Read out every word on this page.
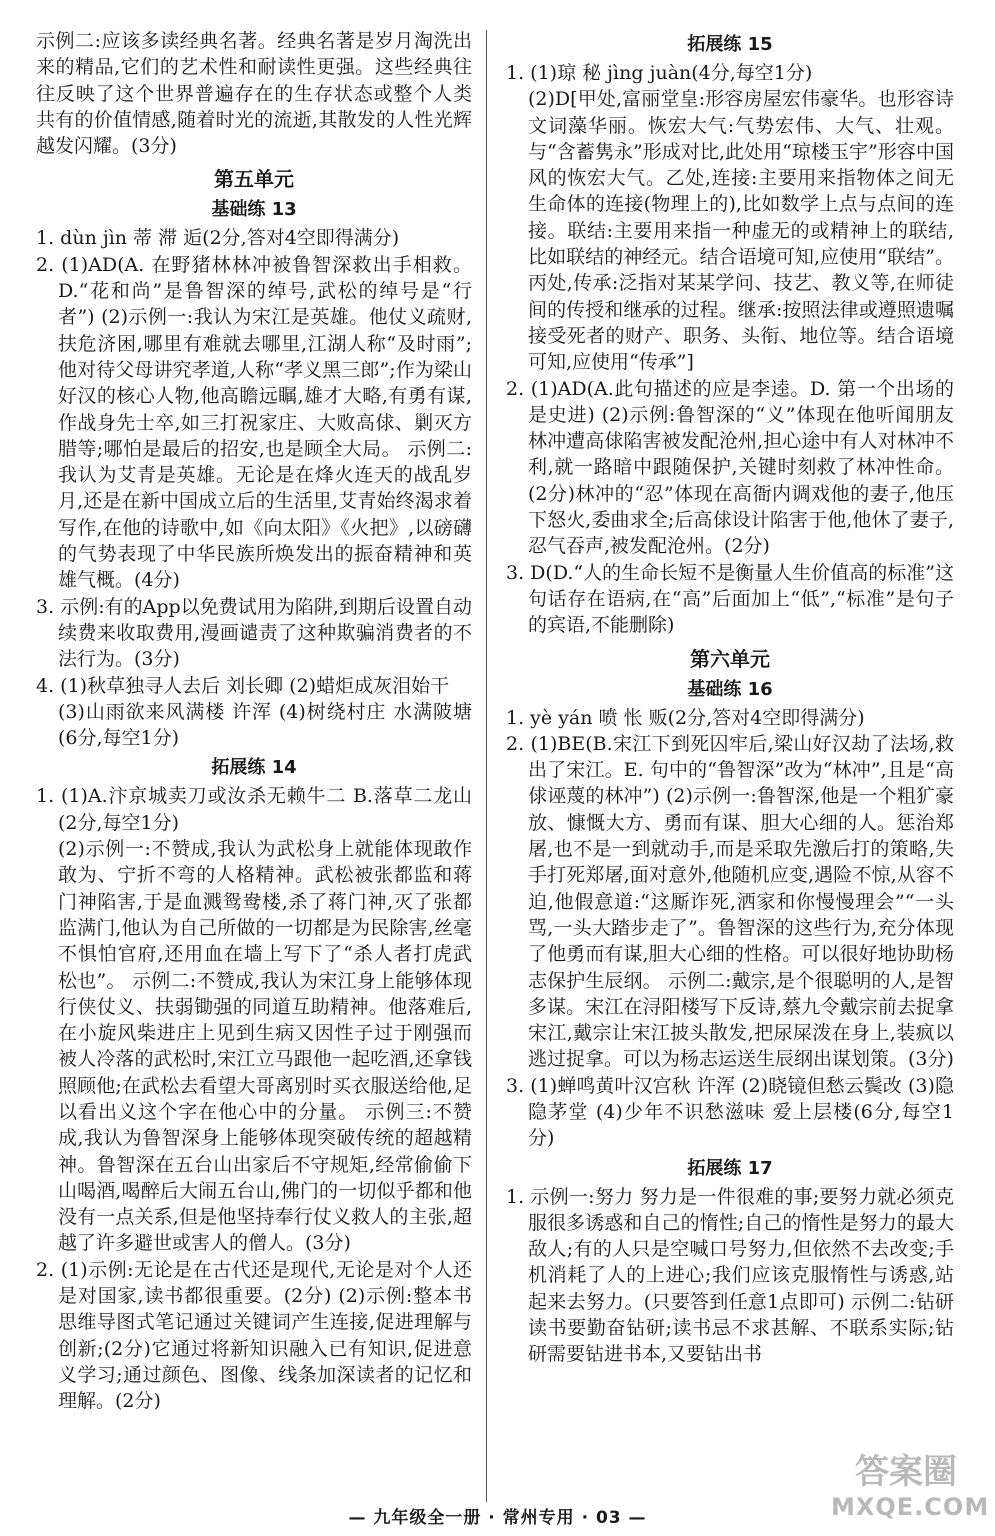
示例二:应该多读经典名著。经典名著是岁月淘洗出来的精品,它们的艺术性和耐读性更强。这些经典往往反映了这个世界普遍存在的生存状态或整个人类共有的价值情感,随着时光的流逝,其散发的人性光辉越发闪耀。(3分)

第五单元
基础练 13

1. dùn jìn 蒂 滞 逅(2分,答对4空即得满分)

2. (1)AD(A. 在野猪林林冲被鲁智深救出手相救。D.“花和尚”是鲁智深的绰号,武松的绰号是“行者”) (2)示例一:我认为宋江是英雄。他仗义疏财,扶危济困,哪里有难就去哪里,江湖人称“及时雨”;他对待父母讲究孝道,人称“孝义黑三郎”;作为梁山好汉的核心人物,他高瞻远瞩,雄才大略,有勇有谋,作战身先士卒,如三打祝家庄、大败高俅、剿灭方腊等;哪怕是最后的招安,也是顾全大局。 示例二:我认为艾青是英雄。无论是在烽火连天的战乱岁月,还是在新中国成立后的生活里,艾青始终渴求着写作,在他的诗歌中,如《向太阳》《火把》,以磅礴的气势表现了中华民族所焕发出的振奋精神和英雄气概。(4分)

3. 示例:有的App以免费试用为陷阱,到期后设置自动续费来收取费用,漫画谴责了这种欺骗消费者的不法行为。(3分)

4. (1)秋草独寻人去后 刘长卿 (2)蜡炬成灰泪始干

(3)山雨欲来风满楼 许浑 (4)树绕村庄 水满陂塘(6分,每空1分)

拓展练 14

1. (1)A.汴京城卖刀或汝杀无赖牛二 B.落草二龙山(2分,每空1分)

(2)示例一:不赞成,我认为武松身上就能体现敢作敢为、宁折不弯的人格精神。武松被张都监和蒋门神陷害,于是血溅鸳鸯楼,杀了蒋门神,灭了张都监满门,他认为自己所做的一切都是为民除害,丝毫不惧怕官府,还用血在墙上写下了“杀人者打虎武松也”。 示例二:不赞成,我认为宋江身上能够体现行侠仗义、扶弱锄强的同道互助精神。他落难后,在小旋风柴进庄上见到生病又因性子过于刚强而被人冷落的武松时,宋江立马跟他一起吃酒,还拿钱照顾他;在武松去看望大哥离别时买衣服送给他,足以看出义这个字在他心中的分量。 示例三:不赞成,我认为鲁智深身上能够体现突破传统的超越精神。鲁智深在五台山出家后不守规矩,经常偷偷下山喝酒,喝醉后大闹五台山,佛门的一切似乎都和他没有一点关系,但是他坚持奉行仗义救人的主张,超越了许多避世或害人的僧人。(3分)

2. (1)示例:无论是在古代还是现代,无论是对个人还是对国家,读书都很重要。(2分) (2)示例:整本书思维导图式笔记通过关键词产生连接,促进理解与创新;(2分)它通过将新知识融入已有知识,促进意义学习;通过颜色、图像、线条加深读者的记忆和理解。(2分)

拓展练 15

1. (1)琼 秘 jìng juàn(4分,每空1分)

(2)D[甲处,富丽堂皇:形容房屋宏伟豪华。也形容诗文词藻华丽。恢宏大气:气势宏伟、大气、壮观。与“含蓄隽永”形成对比,此处用“琼楼玉宇”形容中国风的恢宏大气。乙处,连接:主要用来指物体之间无生命体的连接(物理上的),比如数学上点与点间的连接。联结:主要用来指一种虚无的或精神上的联结,比如联结的神经元。结合语境可知,应使用“联结”。丙处,传承:泛指对某某学问、技艺、教义等,在师徒间的传授和继承的过程。继承:按照法律或遵照遗嘱接受死者的财产、职务、头衔、地位等。结合语境可知,应使用“传承”]

2. (1)AD(A.此句描述的应是李逵。D. 第一个出场的是史进) (2)示例:鲁智深的“义”体现在他听闻朋友林冲遭高俅陷害被发配沧州,担心途中有人对林冲不利,就一路暗中跟随保护,关键时刻救了林冲性命。(2分)林冲的“忍”体现在高衙内调戏他的妻子,他压下怒火,委曲求全;后高俅设计陷害于他,他休了妻子,忍气吞声,被发配沧州。(2分)

3. D(D.“人的生命长短不是衡量人生价值高的标准”这句话存在语病,在“高”后面加上“低”,“标准”是句子的宾语,不能删除)

第六单元
基础练 16

1. yè yán 喷 怅 贩(2分,答对4空即得满分)

2. (1)BE(B.宋江下到死囚牢后,梁山好汉劫了法场,救出了宋江。E. 句中的“鲁智深”改为“林冲”,且是“高俅诬蔑的林冲”) (2)示例一:鲁智深,他是一个粗犷豪放、慷慨大方、勇而有谋、胆大心细的人。惩治郑屠,也不是一到就动手,而是采取先激后打的策略,失手打死郑屠,面对意外,他随机应变,遇险不惊,从容不迫,他假意道:“这厮诈死,洒家和你慢慢理会”“一头骂,一头大踏步走了”。鲁智深的这些行为,充分体现了他勇而有谋,胆大心细的性格。可以很好地协助杨志保护生辰纲。 示例二:戴宗,是个很聪明的人,是智多谋。宋江在浔阳楼写下反诗,蔡九令戴宗前去捉拿宋江,戴宗让宋江披头散发,把尿屎泼在身上,装疯以逃过捉拿。可以为杨志运送生辰纲出谋划策。(3分)

3. (1)蝉鸣黄叶汉宫秋 许浑 (2)晓镜但愁云鬓改 (3)隐隐茅堂 (4)少年不识愁滋味 爱上层楼(6分,每空1分)

拓展练 17

1. 示例一:努力 努力是一件很难的事;要努力就必须克服很多诱惑和自己的惰性;自己的惰性是努力的最大敌人;有的人只是空喊口号努力,但依然不去改变;手机消耗了人的上进心;我们应该克服惰性与诱惑,站起来去努力。(只要答到任意1点即可) 示例二:钻研 读书要勤奋钻研;读书忌不求甚解、不联系实际;钻研需要钻进书本,又要钻出书

— 九年级全一册 · 常州专用 · 03 —
答案圈
MXQE.COM
